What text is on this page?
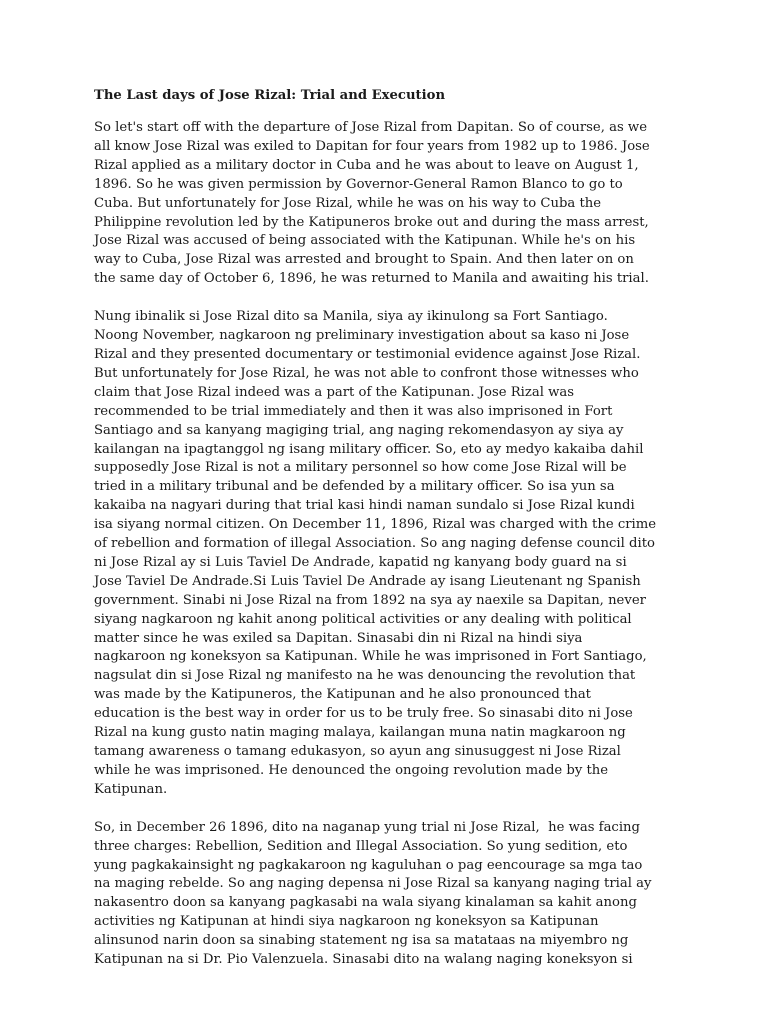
The Last days of Jose Rizal: Trial and Execution
So let's start off with the departure of Jose Rizal from Dapitan. So of course, as we
all know Jose Rizal was exiled to Dapitan for four years from 1982 up to 1986. Jose
Rizal applied as a military doctor in Cuba and he was about to leave on August 1,
1896. So he was given permission by Governor-General Ramon Blanco to go to
Cuba. But unfortunately for Jose Rizal, while he was on his way to Cuba the
Philippine revolution led by the Katipuneros broke out and during the mass arrest,
Jose Rizal was accused of being associated with the Katipunan. While he's on his
way to Cuba, Jose Rizal was arrested and brought to Spain. And then later on on
the same day of October 6, 1896, he was returned to Manila and awaiting his trial.
Nung ibinalik si Jose Rizal dito sa Manila, siya ay ikinulong sa Fort Santiago.
Noong November, nagkaroon ng preliminary investigation about sa kaso ni Jose
Rizal and they presented documentary or testimonial evidence against Jose Rizal.
But unfortunately for Jose Rizal, he was not able to confront those witnesses who
claim that Jose Rizal indeed was a part of the Katipunan. Jose Rizal was
recommended to be trial immediately and then it was also imprisoned in Fort
Santiago and sa kanyang magiging trial, ang naging rekomendasyon ay siya ay
kailangan na ipagtanggol ng isang military officer. So, eto ay medyo kakaiba dahil
supposedly Jose Rizal is not a military personnel so how come Jose Rizal will be
tried in a military tribunal and be defended by a military officer. So isa yun sa
kakaiba na nagyari during that trial kasi hindi naman sundalo si Jose Rizal kundi
isa siyang normal citizen. On December 11, 1896, Rizal was charged with the crime
of rebellion and formation of illegal Association. So ang naging defense council dito
ni Jose Rizal ay si Luis Taviel De Andrade, kapatid ng kanyang body guard na si
Jose Taviel De Andrade.Si Luis Taviel De Andrade ay isang Lieutenant ng Spanish
government. Sinabi ni Jose Rizal na from 1892 na sya ay naexile sa Dapitan, never
siyang nagkaroon ng kahit anong political activities or any dealing with political
matter since he was exiled sa Dapitan. Sinasabi din ni Rizal na hindi siya
nagkaroon ng koneksyon sa Katipunan. While he was imprisoned in Fort Santiago,
nagsulat din si Jose Rizal ng manifesto na he was denouncing the revolution that
was made by the Katipuneros, the Katipunan and he also pronounced that
education is the best way in order for us to be truly free. So sinasabi dito ni Jose
Rizal na kung gusto natin maging malaya, kailangan muna natin magkaroon ng
tamang awareness o tamang edukasyon, so ayun ang sinusuggest ni Jose Rizal
while he was imprisoned. He denounced the ongoing revolution made by the
Katipunan.
So, in December 26 1896, dito na naganap yung trial ni Jose Rizal,  he was facing
three charges: Rebellion, Sedition and Illegal Association. So yung sedition, eto
yung pagkakainsight ng pagkakaroon ng kaguluhan o pag eencourage sa mga tao
na maging rebelde. So ang naging depensa ni Jose Rizal sa kanyang naging trial ay
nakasentro doon sa kanyang pagkasabi na wala siyang kinalaman sa kahit anong
activities ng Katipunan at hindi siya nagkaroon ng koneksyon sa Katipunan
alinsunod narin doon sa sinabing statement ng isa sa matataas na miyembro ng
Katipunan na si Dr. Pio Valenzuela. Sinasabi dito na walang naging koneksyon si
